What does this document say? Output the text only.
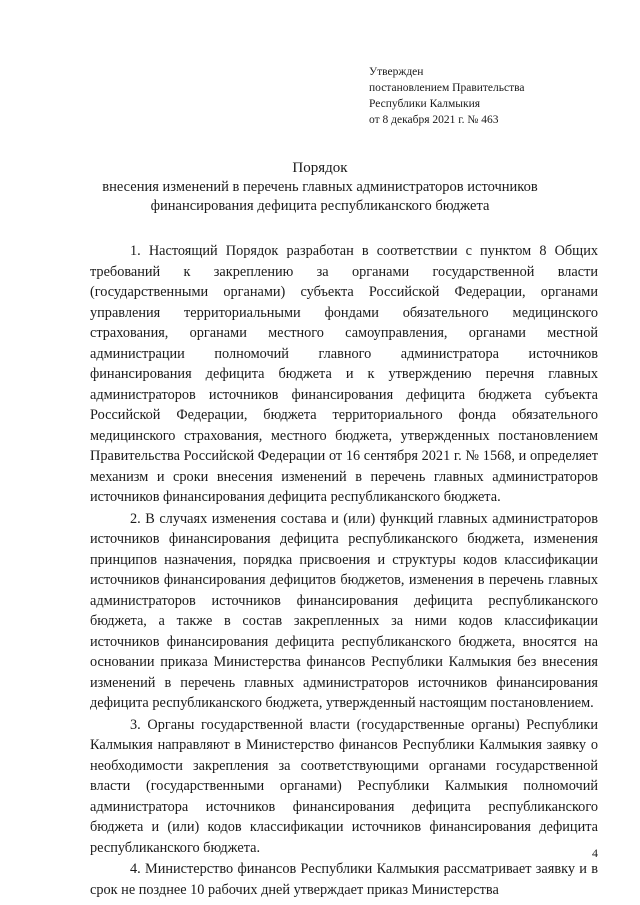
Утвержден
постановлением Правительства
Республики Калмыкия
от 8 декабря 2021 г. № 463
Порядок
внесения изменений в перечень главных администраторов источников
финансирования дефицита республиканского бюджета

1. Настоящий Порядок разработан в соответствии с пунктом 8 Общих требований к закреплению за органами государственной власти (государственными органами) субъекта Российской Федерации, органами управления территориальными фондами обязательного медицинского страхования, органами местного самоуправления, органами местной администрации полномочий главного администратора источников финансирования дефицита бюджета и к утверждению перечня главных администраторов источников финансирования дефицита бюджета субъекта Российской Федерации, бюджета территориального фонда обязательного медицинского страхования, местного бюджета, утвержденных постановлением Правительства Российской Федерации от 16 сентября 2021 г. № 1568, и определяет механизм и сроки внесения изменений в перечень главных администраторов источников финансирования дефицита республиканского бюджета.

2. В случаях изменения состава и (или) функций главных администраторов источников финансирования дефицита республиканского бюджета, изменения принципов назначения, порядка присвоения и структуры кодов классификации источников финансирования дефицитов бюджетов, изменения в перечень главных администраторов источников финансирования дефицита республиканского бюджета, а также в состав закрепленных за ними кодов классификации источников финансирования дефицита республиканского бюджета, вносятся на основании приказа Министерства финансов Республики Калмыкия без внесения изменений в перечень главных администраторов источников финансирования дефицита республиканского бюджета, утвержденный настоящим постановлением.

3. Органы государственной власти (государственные органы) Республики Калмыкия направляют в Министерство финансов Республики Калмыкия заявку о необходимости закрепления за соответствующими органами государственной власти (государственными органами) Республики Калмыкия полномочий администратора источников финансирования дефицита республиканского бюджета и (или) кодов классификации источников финансирования дефицита республиканского бюджета.

4. Министерство финансов Республики Калмыкия рассматривает заявку и в срок не позднее 10 рабочих дней утверждает приказ Министерства

4
